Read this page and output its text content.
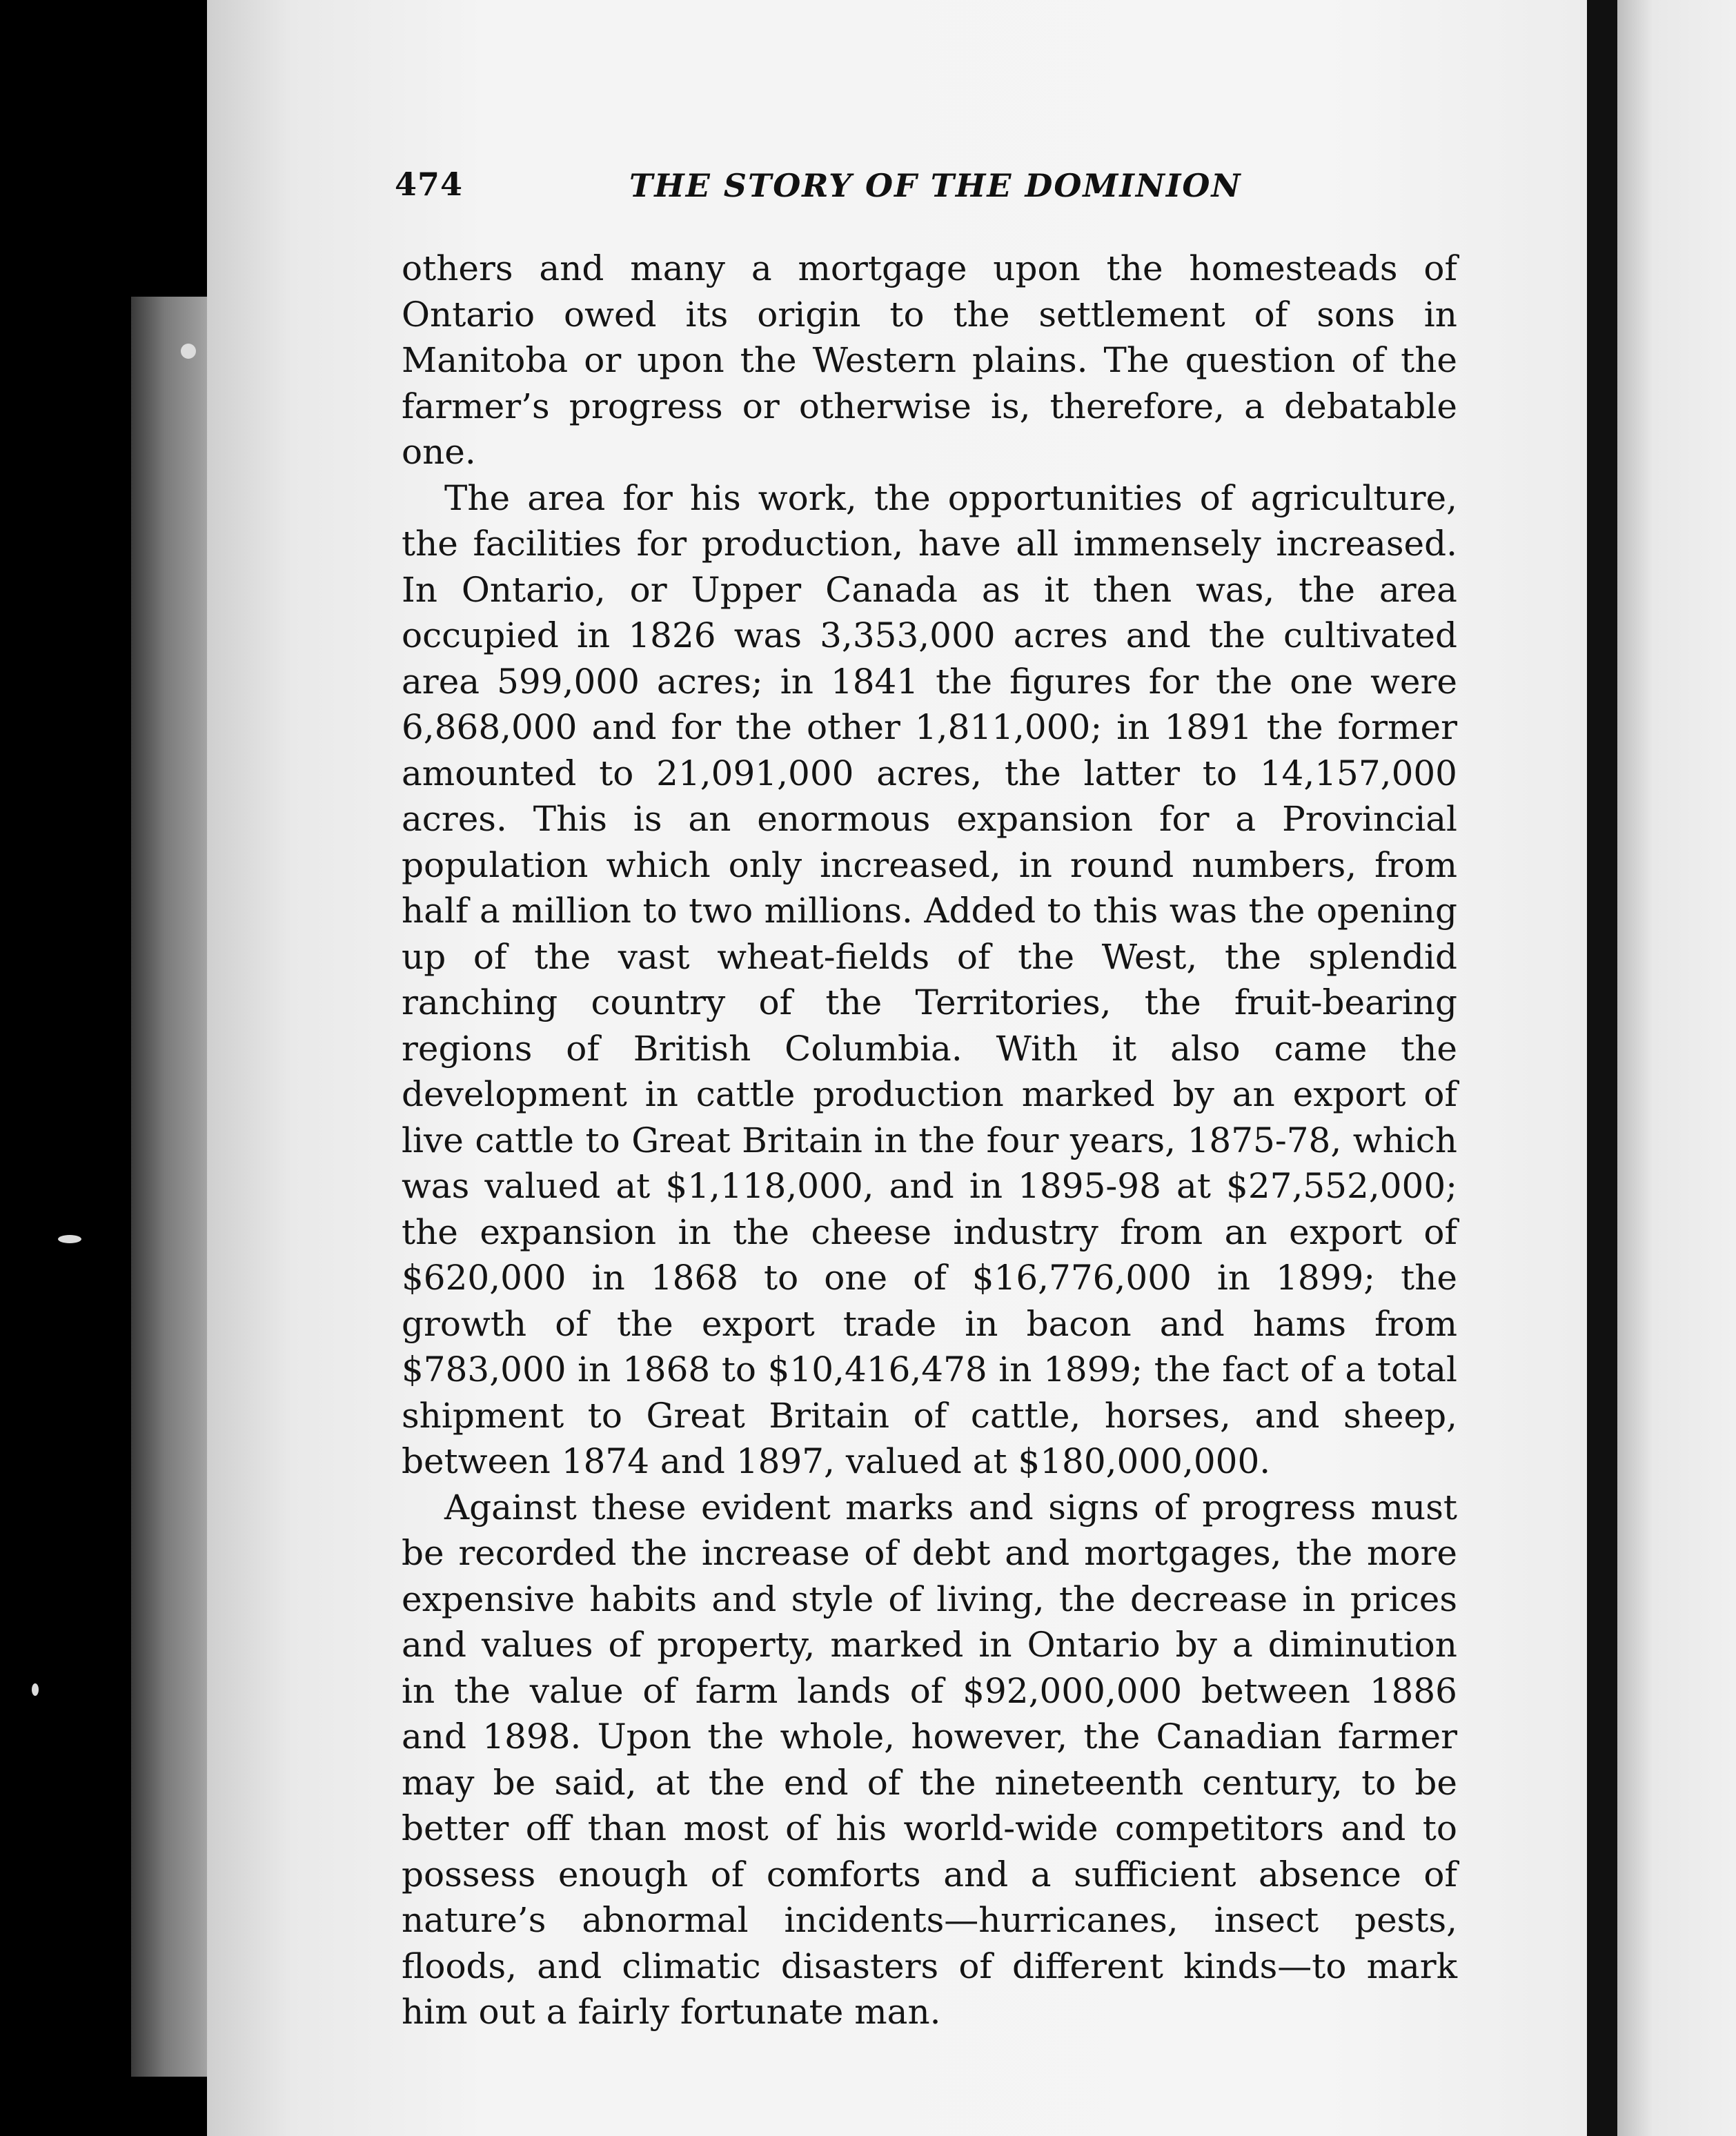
474	THE STORY OF THE DOMINION

others and many a mortgage upon the homesteads of Ontario owed its origin to the settlement of sons in Manitoba or upon the Western plains. The question of the farmer’s progress or otherwise is, therefore, a debatable one.

The area for his work, the opportunities of agriculture, the facilities for production, have all immensely increased. In Ontario, or Upper Canada as it then was, the area occupied in 1826 was 3,353,000 acres and the cultivated area 599,000 acres; in 1841 the figures for the one were 6,868,000 and for the other 1,811,000; in 1891 the former amounted to 21,091,000 acres, the latter to 14,157,000 acres. This is an enormous expansion for a Provincial population which only increased, in round numbers, from half a million to two millions. Added to this was the opening up of the vast wheat-fields of the West, the splendid ranching country of the Territories, the fruit-bearing regions of British Columbia. With it also came the development in cattle production marked by an export of live cattle to Great Britain in the four years, 1875-78, which was valued at $1,118,000, and in 1895-98 at $27,552,000; the expansion in the cheese industry from an export of $620,000 in 1868 to one of $16,776,000 in 1899; the growth of the export trade in bacon and hams from $783,000 in 1868 to $10,416,478 in 1899; the fact of a total shipment to Great Britain of cattle, horses, and sheep, between 1874 and 1897, valued at $180,000,000.

Against these evident marks and signs of progress must be recorded the increase of debt and mortgages, the more expensive habits and style of living, the decrease in prices and values of property, marked in Ontario by a diminution in the value of farm lands of $92,000,000 between 1886 and 1898. Upon the whole, however, the Canadian farmer may be said, at the end of the nineteenth century, to be better off than most of his world-wide competitors and to possess enough of comforts and a sufficient absence of nature’s abnormal incidents—hurricanes, insect pests, floods, and climatic disasters of different kinds—to mark him out a fairly fortunate man.
